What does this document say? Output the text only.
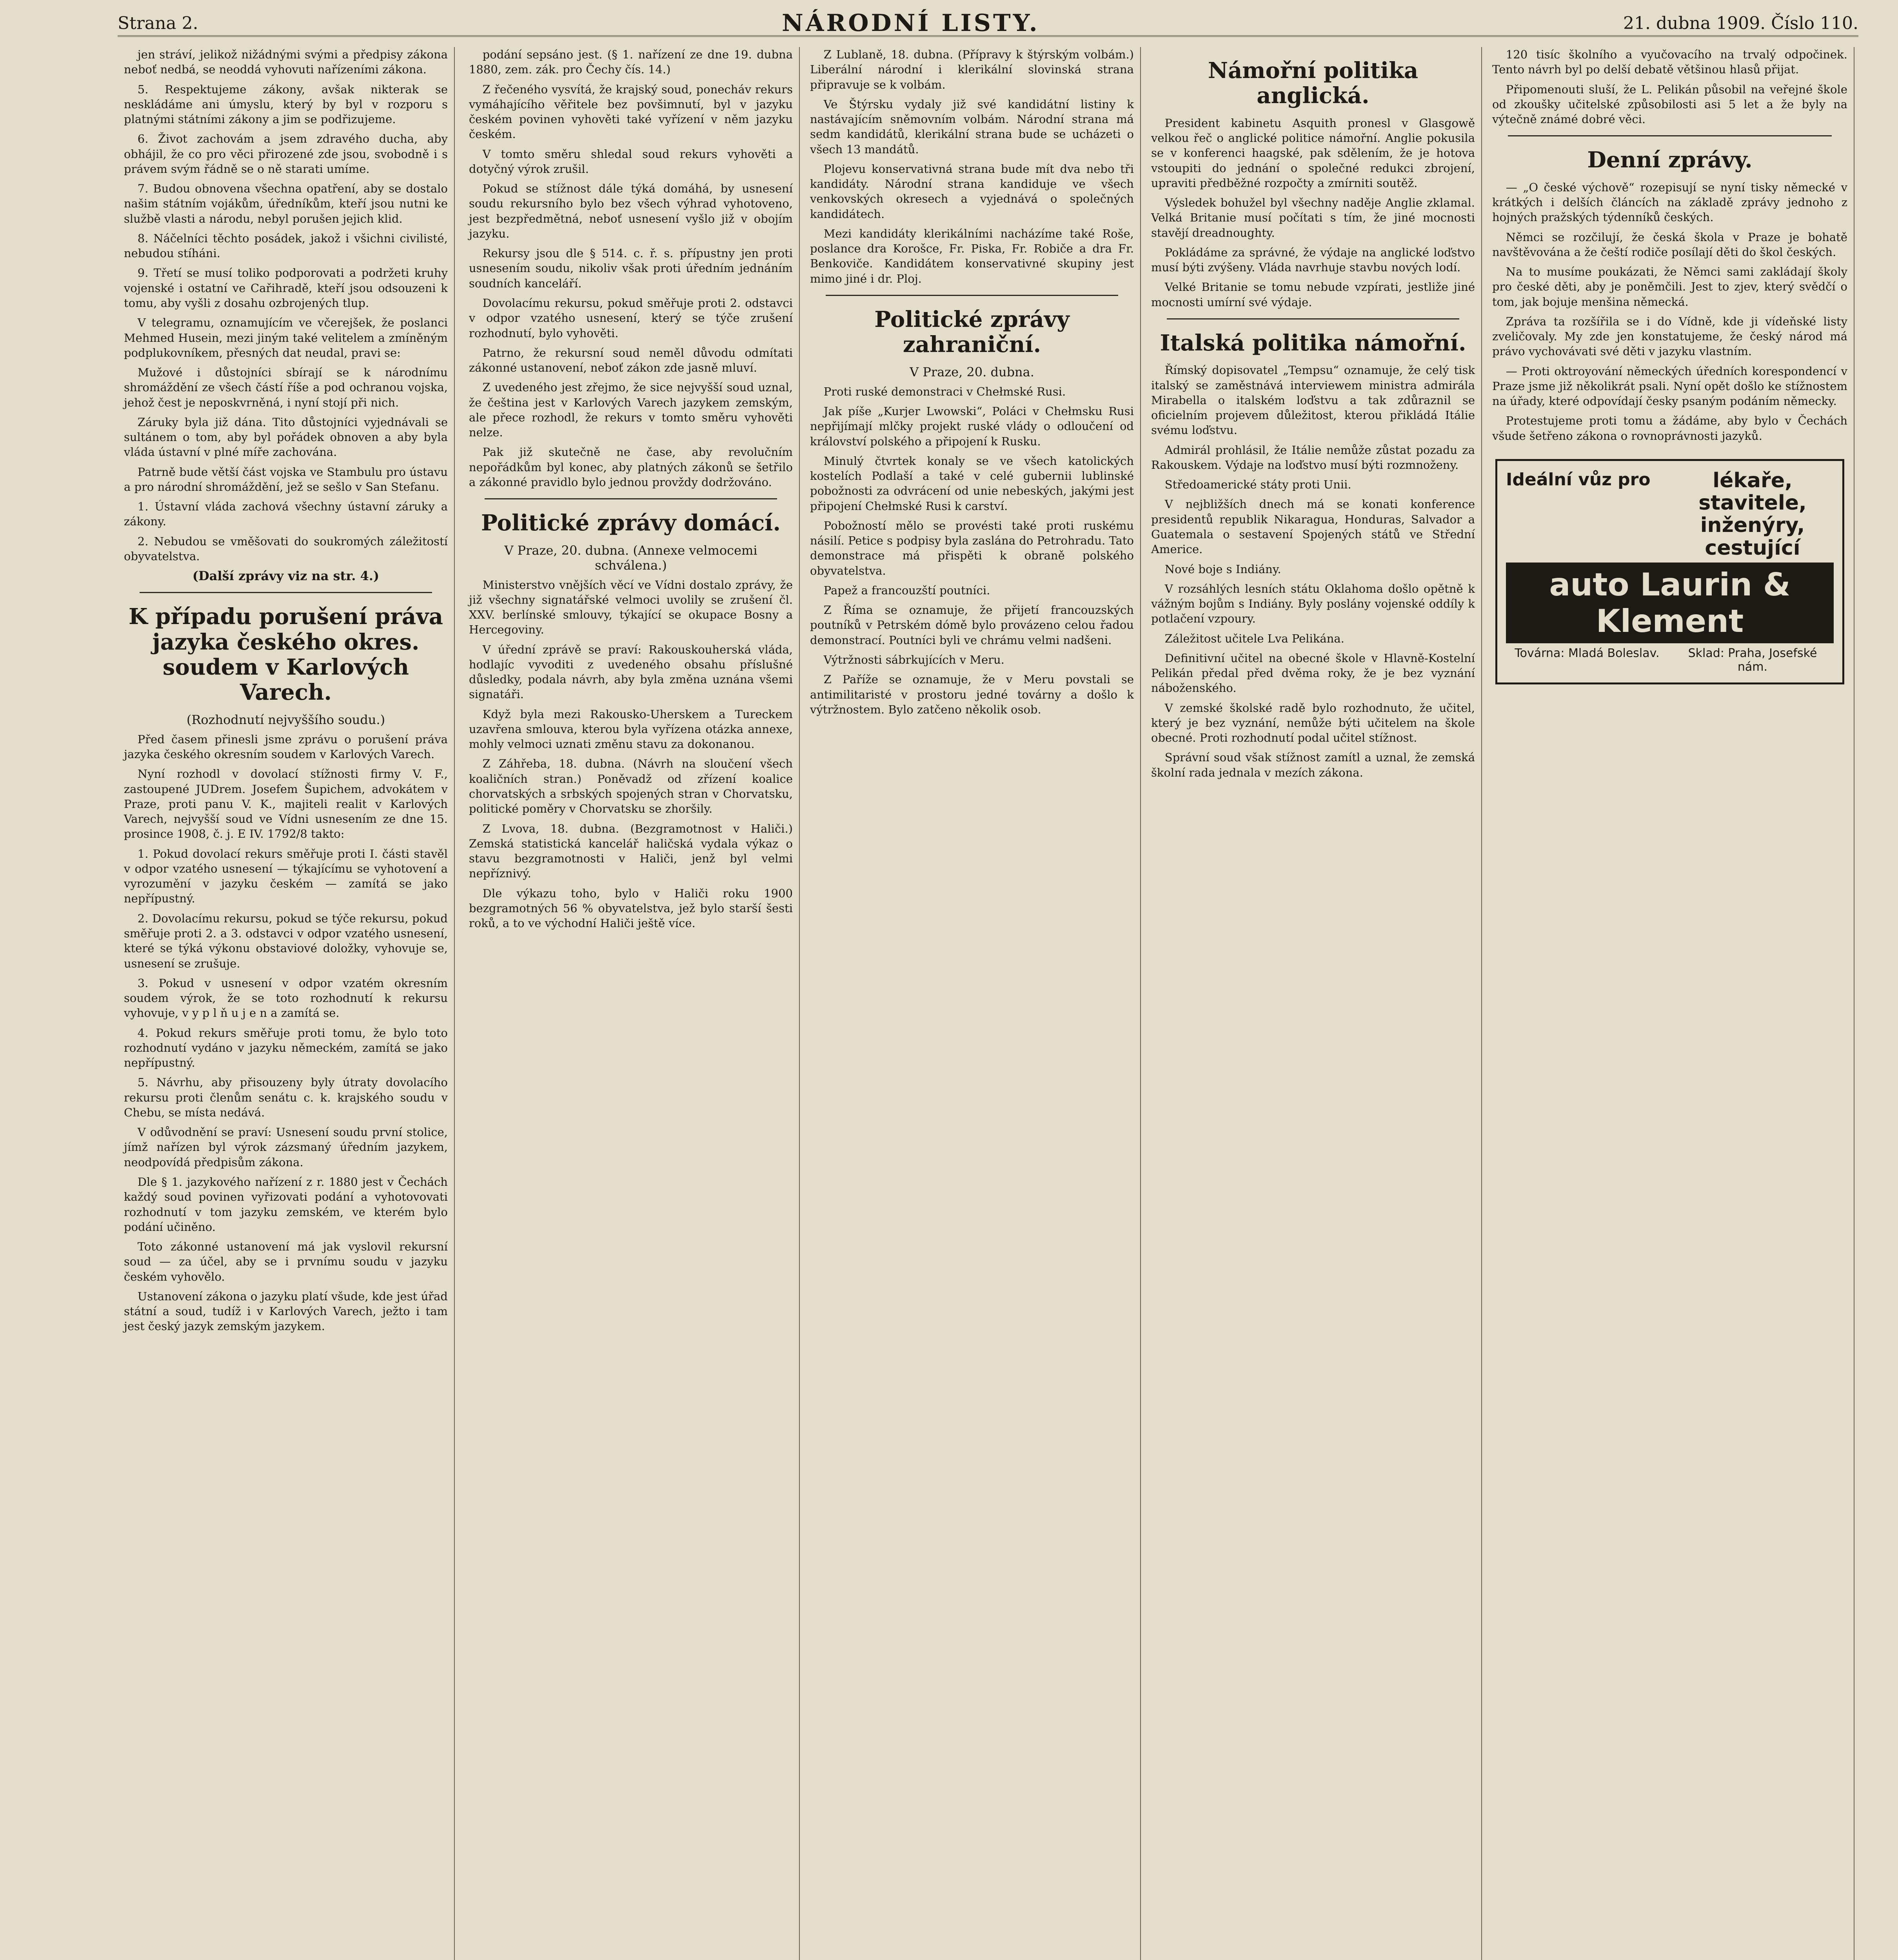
Strana 2.	NÁRODNÍ LISTY.	21. dubna 1909. Číslo 110.

jen stráví, jelikož nižádnými svými a předpisy zákona neboť nedbá, se neoddá vyhovuti nařízeními zákona.

5. Respektujeme zákony, avšak nikterak se neskládáme ani úmyslu, který by byl v rozporu s platnými státními zákony a jim se podřizujeme.

6. Život zachovám a jsem zdravého ducha, aby obhájil, že co pro věci přirozené zde jsou, svobodně i s právem svým řádně se o ně starati umíme.

7. Budou obnovena všechna opatření, aby se dostalo našim státním vojákům, úředníkům, kteří jsou nutni ke službě vlasti a národu, nebyl porušen jejich klid.

8. Náčelníci těchto posádek, jakož i všichni civilisté, nebudou stíháni.

9. Třetí se musí toliko podporovati a podržeti kruhy vojenské i ostatní ve Cařihradě, kteří jsou odsouzeni k tomu, aby vyšli z dosahu ozbrojených tlup.

V telegramu, oznamujícím ve včerejšek, že poslanci Mehmed Husein, mezi jiným také velitelem a zmíněným podplukovníkem, přesných dat neudal, pravi se:

Mužové i důstojníci sbírají se k národnímu shromáždění ze všech částí říše a pod ochranou vojska, jehož čest je neposkvrněná, i nyní stojí při nich.

Záruky byla již dána. Tito důstojníci vyjednávali se sultánem o tom, aby byl pořádek obnoven a aby byla vláda ústavní v plné míře zachována.

Patrně bude větší část vojska ve Stambulu pro ústavu a pro národní shromáždění, jež se sešlo v San Stefanu.

1. Ústavní vláda zachová všechny ústavní záruky a zákony.

2. Nebudou se vměšovati do soukromých záležitostí obyvatelstva.

(Další zprávy viz na str. 4.)
K případu porušení práva jazyka českého okres. soudem v Karlových Varech.
(Rozhodnutí nejvyššího soudu.)

Před časem přinesli jsme zprávu o porušení práva jazyka českého okresním soudem v Karlových Varech.

Nyní rozhodl v dovolací stížnosti firmy V. F., zastoupené JUDrem. Josefem Šupichem, advokátem v Praze, proti panu V. K., majiteli realit v Karlových Varech, nejvyšší soud ve Vídni usnesením ze dne 15. prosince 1908, č. j. E IV. 1792/8 takto:

1. Pokud dovolací rekurs směřuje proti I. části stavěl v odpor vzatého usnesení — týkajícímu se vyhotovení a vyrozumění v jazyku českém — zamítá se jako nepřípustný.

2. Dovolacímu rekursu, pokud se týče rekursu, pokud směřuje proti 2. a 3. odstavci v odpor vzatého usnesení, které se týká výkonu obstaviové doložky, vyhovuje se, usnesení se zrušuje.

3. Pokud v usnesení v odpor vzatém okresním soudem výrok, že se toto rozhodnutí k rekursu vyhovuje, v y p l ň u j e n a zamítá se.

4. Pokud rekurs směřuje proti tomu, že bylo toto rozhodnutí vydáno v jazyku německém, zamítá se jako nepřípustný.

5. Návrhu, aby přisouzeny byly útraty dovolacího rekursu proti členům senátu c. k. krajského soudu v Chebu, se místa nedává.

V odůvodnění se praví: Usnesení soudu první stolice, jímž nařízen byl výrok zázsmaný úředním jazykem, neodpovídá předpisům zákona.

Dle § 1. jazykového nařízení z r. 1880 jest v Čechách každý soud povinen vyřizovati podání a vyhotovovati rozhodnutí v tom jazyku zemském, ve kterém bylo podání učiněno.

Toto zákonné ustanovení má jak vyslovil rekursní soud — za účel, aby se i prvnímu soudu v jazyku českém vyhovělo.

Ustanovení zákona o jazyku platí všude, kde jest úřad státní a soud, tudíž i v Karlových Varech, ježto i tam jest český jazyk zemským jazykem.

podání sepsáno jest. (§ 1. nařízení ze dne 19. dubna 1880, zem. zák. pro Čechy čís. 14.)

Z řečeného vysvítá, že krajský soud, ponecháv rekurs vymáhajícího věřitele bez povšimnutí, byl v jazyku českém povinen vyhověti také vyřízení v něm jazyku českém.

V tomto směru shledal soud rekurs vyhověti a dotyčný výrok zrušil.

Pokud se stížnost dále týká domáhá, by usnesení soudu rekursního bylo bez všech výhrad vyhotoveno, jest bezpředmětná, neboť usnesení vyšlo již v obojím jazyku.

Rekursy jsou dle § 514. c. ř. s. přípustny jen proti usnesením soudu, nikoliv však proti úředním jednáním soudních kanceláří.

Dovolacímu rekursu, pokud směřuje proti 2. odstavci v odpor vzatého usnesení, který se týče zrušení rozhodnutí, bylo vyhověti.

Patrno, že rekursní soud neměl důvodu odmítati zákonné ustanovení, neboť zákon zde jasně mluví.

Z uvedeného jest zřejmo, že sice nejvyšší soud uznal, že čeština jest v Karlových Varech jazykem zemským, ale přece rozhodl, že rekurs v tomto směru vyhověti nelze.

Pak již skutečně ne čase, aby revolučním nepořádkům byl konec, aby platných zákonů se šetřilo a zákonné pravidlo bylo jednou provždy dodržováno.

Politické zprávy domácí.
V Praze, 20. dubna. (Annexe velmocemi schválena.)

Ministerstvo vnějších věcí ve Vídni dostalo zprávy, že již všechny signatářské velmoci uvolily se zrušení čl. XXV. berlínské smlouvy, týkající se okupace Bosny a Hercegoviny.

V úřední zprávě se praví: Rakouskouherská vláda, hodlajíc vyvoditi z uvedeného obsahu příslušné důsledky, podala návrh, aby byla změna uznána všemi signatáři.

Když byla mezi Rakousko-Uherskem a Tureckem uzavřena smlouva, kterou byla vyřízena otázka annexe, mohly velmoci uznati změnu stavu za dokonanou.

Z Záhřeba, 18. dubna. (Návrh na sloučení všech koaličních stran.) Poněvadž od zřízení koalice chorvatských a srbských spojených stran v Chorvatsku, politické poměry v Chorvatsku se zhoršily.

Z Lvova, 18. dubna. (Bezgramotnost v Haliči.) Zemská statistická kancelář haličská vydala výkaz o stavu bezgramotnosti v Haliči, jenž byl velmi nepříznivý.

Dle výkazu toho, bylo v Haliči roku 1900 bezgramotných 56 % obyvatelstva, jež bylo starší šesti roků, a to ve východní Haliči ještě více.

Z Lublaně, 18. dubna. (Přípravy k štýrským volbám.) Liberální národní i klerikální slovinská strana připravuje se k volbám.

Ve Štýrsku vydaly již své kandidátní listiny k nastávajícím sněmovním volbám. Národní strana má sedm kandidátů, klerikální strana bude se ucházeti o všech 13 mandátů.

Plojevu konservativná strana bude mít dva nebo tři kandidáty. Národní strana kandiduje ve všech venkovských okresech a vyjednává o společných kandidátech.

Mezi kandidáty klerikálními nacházíme také Roše, poslance dra Korošce, Fr. Piska, Fr. Robiče a dra Fr. Benkoviče. Kandidátem konservativné skupiny jest mimo jiné i dr. Ploj.

Politické zprávy zahraniční.
V Praze, 20. dubna.

Proti ruské demonstraci v Chełmské Rusi.

Jak píše „Kurjer Lwowski“, Poláci v Chełmsku Rusi nepřijímají mlčky projekt ruské vlády o odloučení od království polského a připojení k Rusku.

Minulý čtvrtek konaly se ve všech katolických kostelích Podlaší a také v celé gubernii lublinské pobožnosti za odvrácení od unie nebeských, jakými jest připojení Chełmské Rusi k carství.

Pobožností mělo se provésti také proti ruskému násilí. Petice s podpisy byla zaslána do Petrohradu. Tato demonstrace má přispěti k obraně polského obyvatelstva.

Papež a francouzští poutníci.

Z Říma se oznamuje, že přijetí francouzských poutníků v Petrském dómě bylo provázeno celou řadou demonstrací. Poutníci byli ve chrámu velmi nadšeni.

Výtržnosti sábrkujících v Meru.

Z Paříže se oznamuje, že v Meru povstali se antimilitaristé v prostoru jedné továrny a došlo k výtržnostem. Bylo zatčeno několik osob.

Námořní politika anglická.

President kabinetu Asquith pronesl v Glasgowě velkou řeč o anglické politice námořní. Anglie pokusila se v konferenci haagské, pak sdělením, že je hotova vstoupiti do jednání o společné redukci zbrojení, upraviti předběžné rozpočty a zmírniti soutěž.

Výsledek bohužel byl všechny naděje Anglie zklamal. Velká Britanie musí počítati s tím, že jiné mocnosti stavějí dreadnoughty.

Pokládáme za správné, že výdaje na anglické loďstvo musí býti zvýšeny. Vláda navrhuje stavbu nových lodí.

Velké Britanie se tomu nebude vzpírati, jestliže jiné mocnosti umírní své výdaje.

Italská politika námořní.

Římský dopisovatel „Tempsu“ oznamuje, že celý tisk italský se zaměstnává interviewem ministra admirála Mirabella o italském loďstvu a tak zdůraznil se oficielním projevem důležitost, kterou přikládá Itálie svému loďstvu.

Admirál prohlásil, že Itálie nemůže zůstat pozadu za Rakouskem. Výdaje na loďstvo musí býti rozmnoženy.

Středoamerické státy proti Unii.

V nejbližších dnech má se konati konference presidentů republik Nikaragua, Honduras, Salvador a Guatemala o sestavení Spojených států ve Střední Americe.

Nové boje s Indiány.

V rozsáhlých lesních státu Oklahoma došlo opětně k vážným bojům s Indiány. Byly poslány vojenské oddíly k potlačení vzpoury.

Záležitost učitele Lva Pelikána.

Definitivní učitel na obecné škole v Hlavně-Kostelní Pelikán předal před dvěma roky, že je bez vyznání náboženského.

V zemské školské radě bylo rozhodnuto, že učitel, který je bez vyznání, nemůže býti učitelem na škole obecné. Proti rozhodnutí podal učitel stížnost.

Správní soud však stížnost zamítl a uznal, že zemská školní rada jednala v mezích zákona.

120 tisíc školního a vyučovacího na trvalý odpočinek. Tento návrh byl po delší debatě většinou hlasů přijat.

Připomenouti sluší, že L. Pelikán působil na veřejné škole od zkoušky učitelské způsobilosti asi 5 let a že byly na výtečně známé dobré věci.

Denní zprávy.

— „O české výchově“ rozepisují se nyní tisky německé v krátkých i delších článcích na základě zprávy jednoho z hojných pražských týdenníků českých.

Němci se rozčilují, že česká škola v Praze je bohatě navštěvována a že čeští rodiče posílají děti do škol českých.

Na to musíme poukázati, že Němci sami zakládají školy pro české děti, aby je poněmčili. Jest to zjev, který svědčí o tom, jak bojuje menšina německá.

Zpráva ta rozšířila se i do Vídně, kde ji vídeňské listy zveličovaly. My zde jen konstatujeme, že český národ má právo vychovávati své děti v jazyku vlastním.

— Proti oktroyování německých úředních korespondencí v Praze jsme již několikrát psali. Nyní opět došlo ke stížnostem na úřady, které odpovídají česky psaným podáním německy.

Protestujeme proti tomu a žádáme, aby bylo v Čechách všude šetřeno zákona o rovnoprávnosti jazyků.

Ideální vůz pro	lékaře, stavitele, inženýry, cestující
auto Laurin & Klement
Továrna: Mladá Boleslav.	Sklad: Praha, Josefské nám.
